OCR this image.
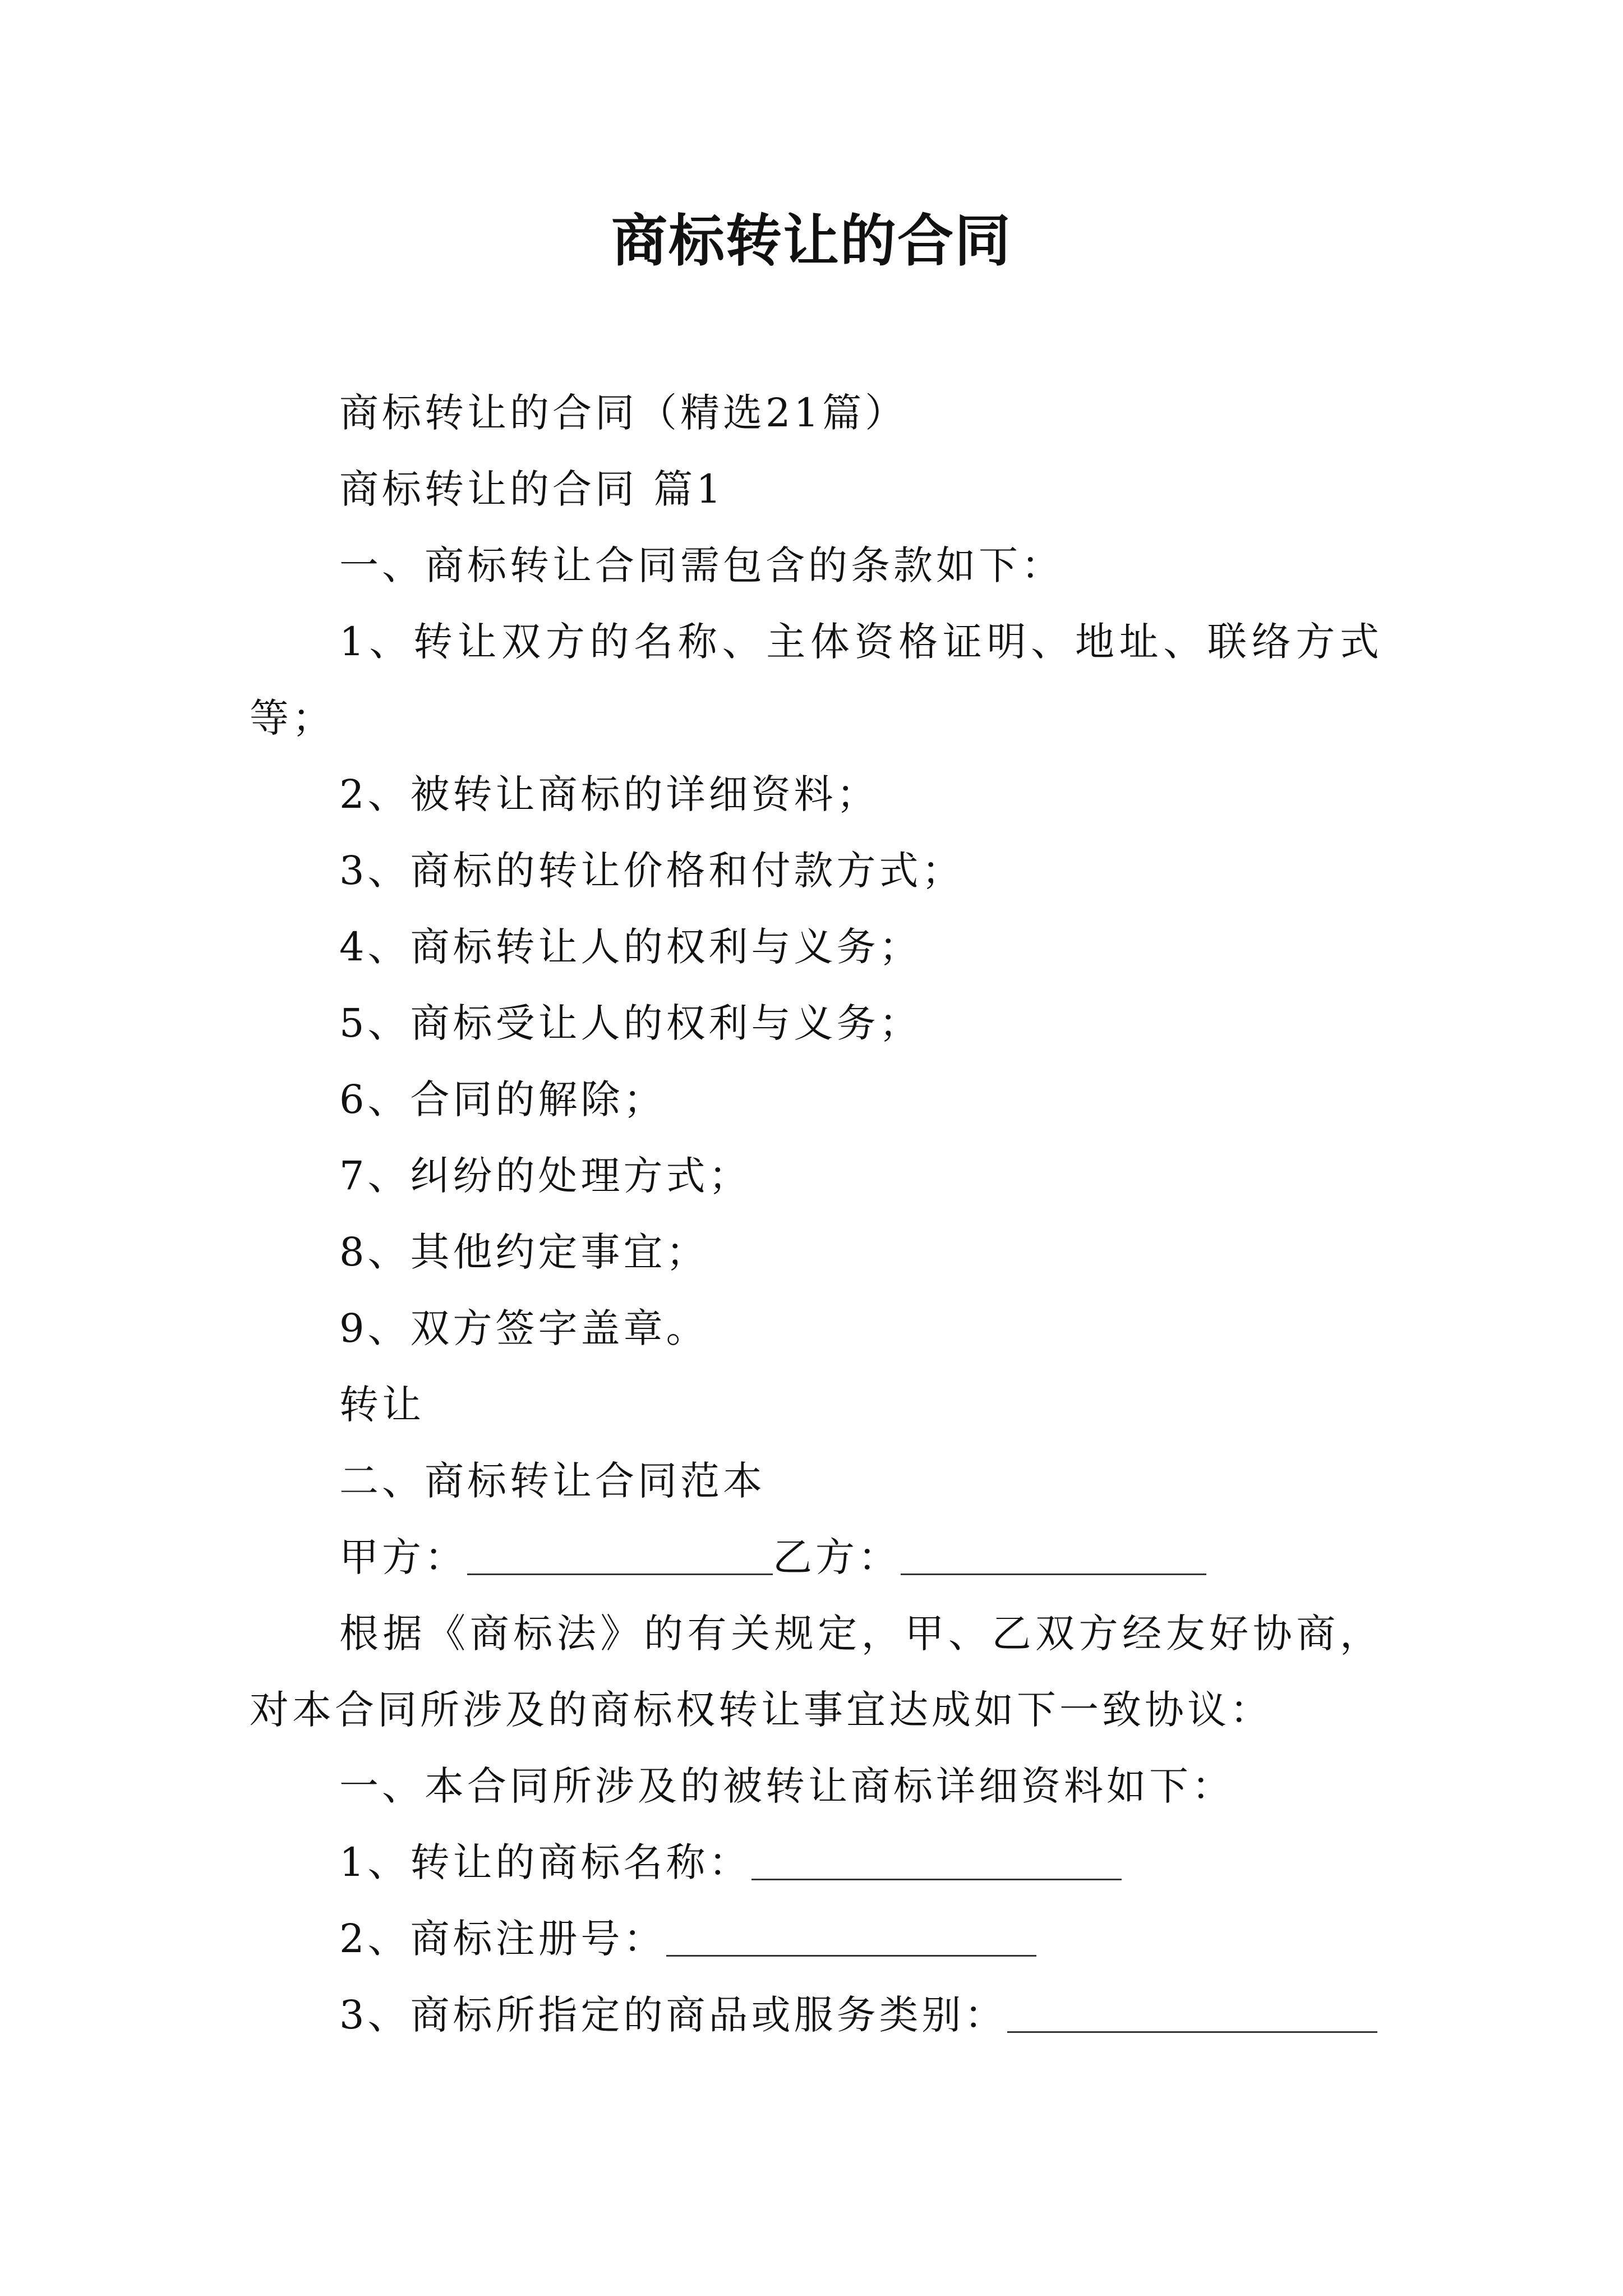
商标转让的合同

商标转让的合同（精选21篇）

商标转让的合同 篇1

一、商标转让合同需包含的条款如下：

1、转让双方的名称、主体资格证明、地址、联络方式等；

2、被转让商标的详细资料；

3、商标的转让价格和付款方式；

4、商标转让人的权利与义务；

5、商标受让人的权利与义务；

6、合同的解除；

7、纠纷的处理方式；

8、其他约定事宜；

9、双方签字盖章。

转让

二、商标转让合同范本

甲方：	乙方：

根据《商标法》的有关规定，甲、乙双方经友好协商，对本合同所涉及的商标权转让事宜达成如下一致协议：

一、本合同所涉及的被转让商标详细资料如下：

1、转让的商标名称：

2、商标注册号：

3、商标所指定的商品或服务类别：
